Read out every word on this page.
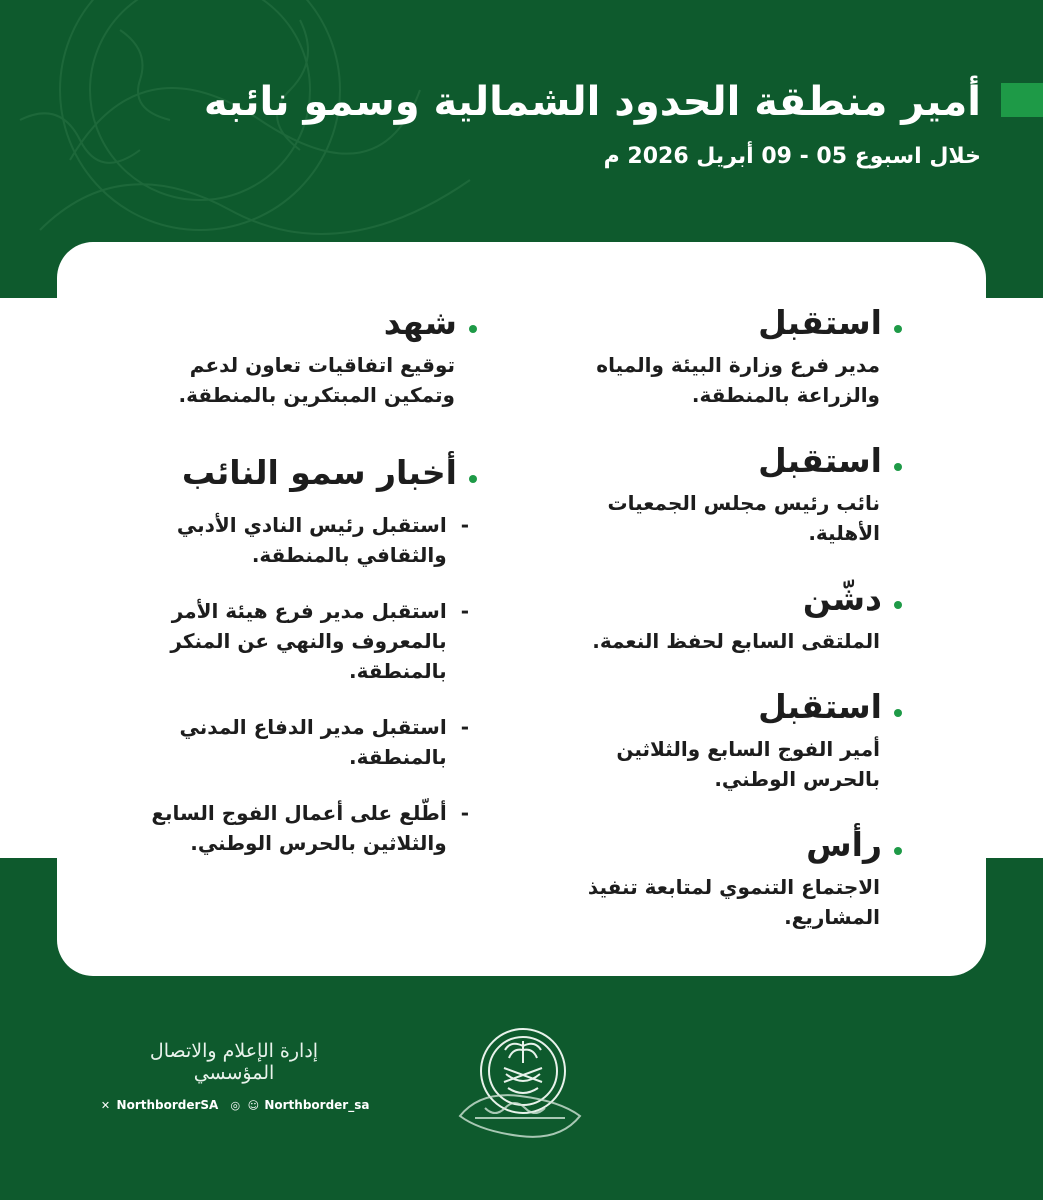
أمير منطقة الحدود الشمالية وسمو نائبه
خلال اسبوع 05 - 09 أبريل 2026 م
استقبل
مدير فرع وزارة البيئة والمياه والزراعة بالمنطقة.
استقبل
نائب رئيس مجلس الجمعيات الأهلية.
دشّن
الملتقى السابع لحفظ النعمة.
استقبل
أمير الفوج السابع والثلاثين بالحرس الوطني.
رأس
الاجتماع التنموي لمتابعة تنفيذ المشاريع.
شهد
توقيع اتفاقيات تعاون لدعم وتمكين المبتكرين بالمنطقة.
أخبار سمو النائب
-
استقبل رئيس النادي الأدبي والثقافي بالمنطقة.
-
استقبل مدير فرع هيئة الأمر بالمعروف والنهي عن المنكر بالمنطقة.
-
استقبل مدير الدفاع المدني بالمنطقة.
-
أطّلع على أعمال الفوج السابع والثلاثين بالحرس الوطني.
إدارة الإعلام والاتصال المؤسسي
✕ NorthborderSA ◎ ☺ Northborder_sa
